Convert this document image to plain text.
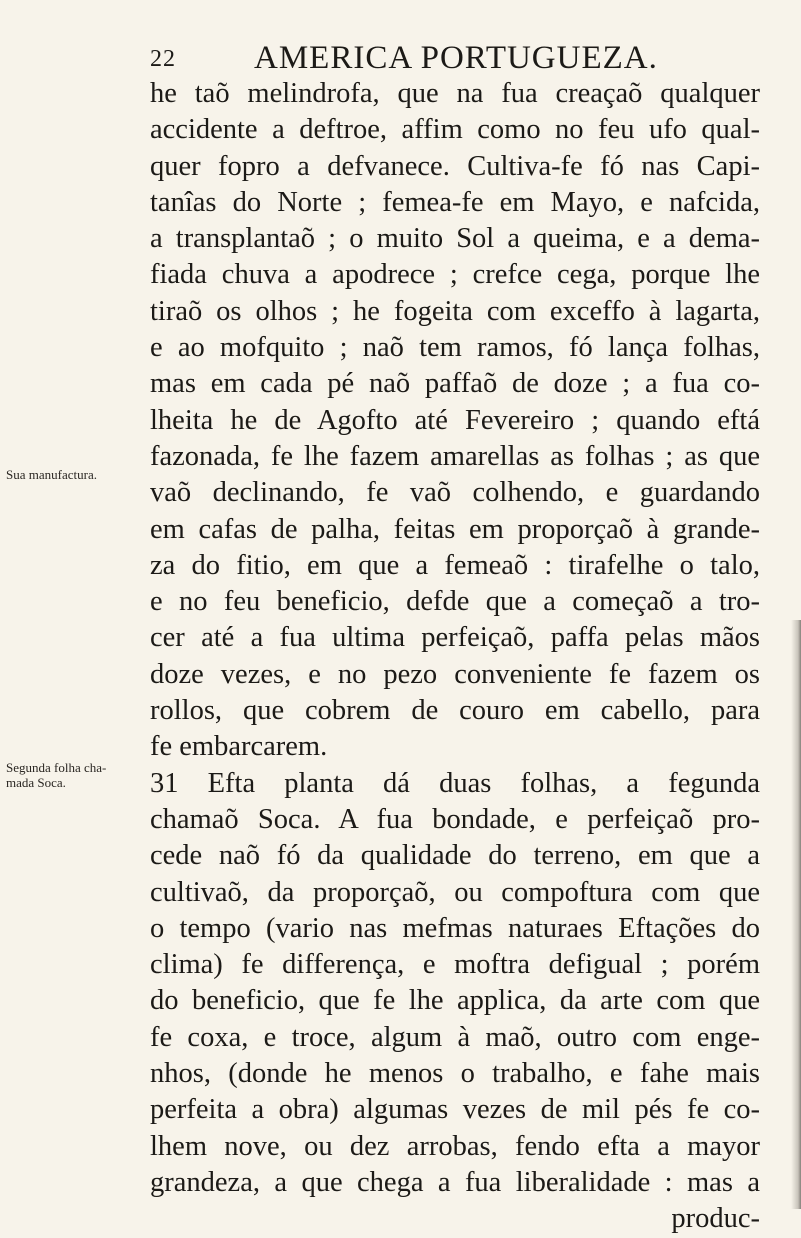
22 AMERICA PORTUGUEZA.
Sua manufactura.
Segunda folha cha-
mada Soca.
he taõ melindrofa, que na fua creaçaõ qualquer
accidente a deftroe, affim como no feu ufo qual-
quer fopro a defvanece. Cultiva-fe fó nas Capi-
tanîas do Norte ; femea-fe em Mayo, e nafcida,
a transplantaõ ; o muito Sol a queima, e a dema-
fiada chuva a apodrece ; crefce cega, porque lhe
tiraõ os olhos ; he fogeita com exceffo à lagarta,
e ao mofquito ; naõ tem ramos, fó lança folhas,
mas em cada pé naõ paffaõ de doze ; a fua co-
lheita he de Agofto até Fevereiro ; quando eftá
fazonada, fe lhe fazem amarellas as folhas ; as que
vaõ declinando, fe vaõ colhendo, e guardando
em cafas de palha, feitas em proporçaõ à grande-
za do fitio, em que a femeaõ : tirafelhe o talo,
e no feu beneficio, defde que a começaõ a tro-
cer até a fua ultima perfeiçaõ, paffa pelas mãos
doze vezes, e no pezo conveniente fe fazem os
rollos, que cobrem de couro em cabello, para
fe embarcarem.
31 Efta planta dá duas folhas, a fegunda
chamaõ Soca. A fua bondade, e perfeiçaõ pro-
cede naõ fó da qualidade do terreno, em que a
cultivaõ, da proporçaõ, ou compoftura com que
o tempo (vario nas mefmas naturaes Eftações do
clima) fe differença, e moftra defigual ; porém
do beneficio, que fe lhe applica, da arte com que
fe coxa, e troce, algum à maõ, outro com enge-
nhos, (donde he menos o trabalho, e fahe mais
perfeita a obra) algumas vezes de mil pés fe co-
lhem nove, ou dez arrobas, fendo efta a mayor
grandeza, a que chega a fua liberalidade : mas a
produc-
